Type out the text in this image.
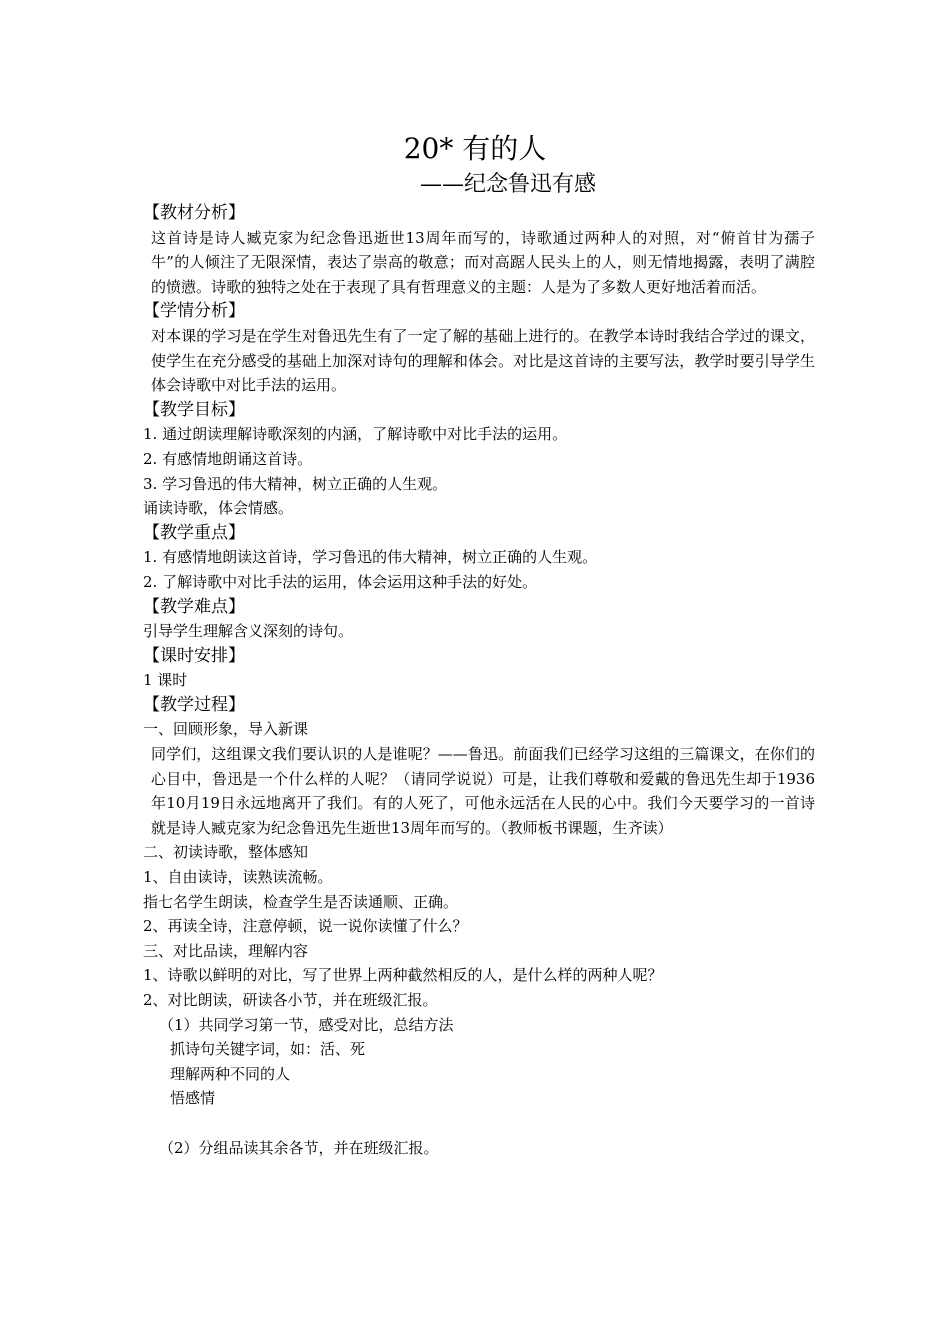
20* 有的人
——纪念鲁迅有感
【教材分析】
这首诗是诗人臧克家为纪念鲁迅逝世13周年而写的，诗歌通过两种人的对照，对“俯首甘为孺子牛”的人倾注了无限深情，表达了崇高的敬意；而对高踞人民头上的人，则无情地揭露，表明了满腔的愤懑。诗歌的独特之处在于表现了具有哲理意义的主题：人是为了多数人更好地活着而活。
【学情分析】
对本课的学习是在学生对鲁迅先生有了一定了解的基础上进行的。在教学本诗时我结合学过的课文，使学生在充分感受的基础上加深对诗句的理解和体会。对比是这首诗的主要写法，教学时要引导学生体会诗歌中对比手法的运用。
【教学目标】
1. 通过朗读理解诗歌深刻的内涵，了解诗歌中对比手法的运用。
2. 有感情地朗诵这首诗。
3. 学习鲁迅的伟大精神，树立正确的人生观。
诵读诗歌，体会情感。
【教学重点】
1. 有感情地朗读这首诗，学习鲁迅的伟大精神，树立正确的人生观。
2. 了解诗歌中对比手法的运用，体会运用这种手法的好处。
【教学难点】
引导学生理解含义深刻的诗句。
【课时安排】
1 课时
【教学过程】
一、回顾形象，导入新课
同学们，这组课文我们要认识的人是谁呢？——鲁迅。前面我们已经学习这组的三篇课文，在你们的心目中，鲁迅是一个什么样的人呢？（请同学说说）可是，让我们尊敬和爱戴的鲁迅先生却于1936年10月19日永远地离开了我们。有的人死了，可他永远活在人民的心中。我们今天要学习的一首诗就是诗人臧克家为纪念鲁迅先生逝世13周年而写的。（教师板书课题，生齐读）
二、初读诗歌，整体感知
1、自由读诗，读熟读流畅。
指七名学生朗读，检查学生是否读通顺、正确。
2、再读全诗，注意停顿，说一说你读懂了什么？
三、对比品读，理解内容
1、诗歌以鲜明的对比，写了世界上两种截然相反的人，是什么样的两种人呢？
2、对比朗读，研读各小节，并在班级汇报。
（1）共同学习第一节，感受对比，总结方法
抓诗句关键字词，如：活、死
理解两种不同的人
悟感情
（2）分组品读其余各节，并在班级汇报。
